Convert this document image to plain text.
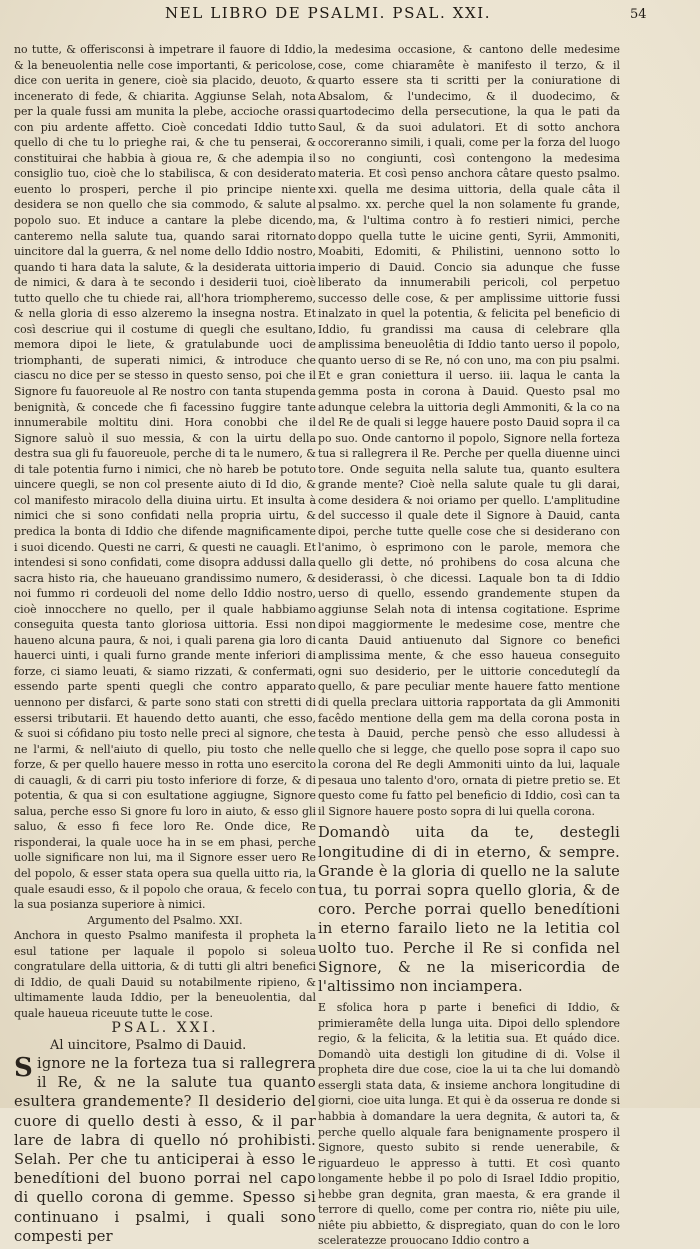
NEL LIBRO DE PSALMI. PSAL. XXI.	54

no tutte, & offerisconsi à impetrare il fauore di Iddio, & la beneuolentia nelle cose importanti, & pericolose, dice con uerita in genere, cioè sia placido, deuoto, & incenerato di fede, & chiarita. Aggiunse Selah, nota per la quale fussi am munita la plebe, accioche orassi con piu ardente affetto. Cioè concedati Iddio tutto quello di che tu lo prieghe rai, & che tu penserai, & constituirai che habbia à gioua re, & che adempia il consiglio tuo, cioè che lo stabilisca, & con desiderato euento lo prosperi, perche il pio principe niente desidera se non quello che sia commodo, & salute al popolo suo. Et induce a cantare la plebe dicendo, canteremo nella salute tua, quando sarai ritornato uincitore dal la guerra, & nel nome dello Iddio nostro, quando ti hara data la salute, & la desiderata uittoria de nimici, & dara à te secondo i desiderii tuoi, cioè tutto quello che tu chiede rai, all'hora triompheremo, & nella gloria di esso alzeremo la insegna nostra. Et così descriue qui il costume di quegli che esultano, memora dipoi le liete, & gratulabunde uoci de triomphanti, de superati nimici, & introduce che ciascu no dice per se stesso in questo senso, poi che il Signore fu fauoreuole al Re nostro con tanta stupenda benignità, & concede che fi facessino fuggire tante innumerabile moltitu dini. Hora conobbi che il Signore saluò il suo messia, & con la uirtu della destra sua gli fu fauoreuole, perche di ta le numero, & di tale potentia furno i nimici, che nò hareb be potuto uincere quegli, se non col presente aiuto di Id dio, & col manifesto miracolo della diuina uirtu. Et insulta à nimici che si sono confidati nella propria uirtu, & predica la bonta di Iddio che difende magnificamente i suoi dicendo. Questi ne carri, & questi ne cauagli. Et intendesi si sono confidati, come disopra addussi dalla sacra histo ria, che haueuano grandissimo numero, & noi fummo ri cordeuoli del nome dello Iddio nostro, cioè innocchere no quello, per il quale habbiamo conseguita questa tanto gloriosa uittoria. Essi non haueno alcuna paura, & noi, i quali parena gia loro di hauerci uinti, i quali furno grande mente inferiori di forze, ci siamo leuati, & siamo rizzati, & confermati, essendo parte spenti quegli che contro apparato uennono per disfarci, & parte sono stati con stretti di essersi tributarii. Et hauendo detto auanti, che esso, & suoi si cófidano piu tosto nelle preci al signore, che ne l'armi, & nell'aiuto di quello, piu tosto che nelle forze, & per quello hauere messo in rotta uno esercito di cauagli, & di carri piu tosto inferiore di forze, & di potentia, & qua si con esultatione aggiugne, Signore salua, perche esso Si gnore fu loro in aiuto, & esso gli saluo, & esso fi fece loro Re. Onde dice, Re risponderai, la quale uoce ha in se em phasi, perche uolle significare non lui, ma il Signore esser uero Re del popolo, & esser stata opera sua quella uitto ria, la quale esaudi esso, & il popolo che oraua, & fecelo con la sua posianza superiore à nimici.

Argumento del Psalmo. XXI.

Anchora in questo Psalmo manifesta il propheta la esul tatione per laquale il popolo si soleua congratulare della uittoria, & di tutti gli altri benefici di Iddio, de quali Dauid su notabilmente ripieno, & ultimamente lauda Iddio, per la beneuolentia, dal quale haueua riceuute tutte le cose.

PSAL. XXI.

Al uincitore, Psalmo di Dauid.

Signore ne la forteza tua si rallegrera il Re, & ne la salute tua quanto esultera grandemente? Il desiderio del cuore di quello desti à esso, & il par lare de labra di quello nó prohibisti. Selah. Per che tu anticiperai à esso le benedítioni del buono porrai nel capo di quello corona di gemme. Spesso si continuano i psalmi, i quali sono compesti per

la medesima occasione, & cantono delle medesime cose, come chiaramête è manifesto il terzo, & il quarto essere sta ti scritti per la coniuratione di Absalom, & l'undecimo, & il duodecimo, & quartodecimo della persecutione, la qua le pati da Saul, & da suoi adulatori. Et di sotto anchora occoreranno simili, i quali, come per la forza del luogo so no congiunti, così contengono la medesima materia. Et così penso anchora câtare questo psalmo. xxi. quella me desima uittoria, della quale câta il psalmo. xx. perche quel la non solamente fu grande, ma, & l'ultima contro à fo restieri nimici, perche doppo quella tutte le uicine genti, Syrii, Ammoniti, Moabiti, Edomiti, & Philistini, uennono sotto lo imperio di Dauid. Concio sia adunque che fusse liberato da innumerabili pericoli, col perpetuo successo delle cose, & per amplissime uittorie fussi inalzato in quel la potentia, & felicita pel beneficio di Iddio, fu grandissi ma causa di celebrare qlla amplissima beneuolêtia di Iddio tanto uerso il popolo, quanto uerso di se Re, nó con uno, ma con piu psalmi. Et e gran coniettura il uerso. iii. laqua le canta la gemma posta in corona à Dauid. Questo psal mo adunque celebra la uittoria degli Ammoniti, & la co na del Re de quali si legge hauere posto Dauid sopra il ca po suo. Onde cantorno il popolo, Signore nella forteza tua si rallegrera il Re. Perche per quella diuenne uinci tore. Onde seguita nella salute tua, quanto esultera grande mente? Cioè nella salute quale tu gli darai, come desidera & noi oriamo per quello. L'amplitudine del successo il quale dete il Signore à Dauid, canta dipoi, perche tutte quelle cose che si desiderano con l'animo, ò esprimono con le parole, memora che quello gli dette, nó prohibens do cosa alcuna che desiderassi, ò che dicessi. Laquale bon ta di Iddio uerso di quello, essendo grandemente stupen da aggiunse Selah nota di intensa cogitatione. Esprime dipoi maggiormente le medesime cose, mentre che canta Dauid antiuenuto dal Signore co benefici amplissima mente, & che esso haueua conseguito ogni suo desiderio, per le uittorie conceduteglí da quello, & pare peculiar mente hauere fatto mentione di quella preclara uittoria rapportata da gli Ammoniti facêdo mentione della gem ma della corona posta in testa à Dauid, perche pensò che esso alludessi à quello che si legge, che quello pose sopra il capo suo la corona del Re degli Ammoniti uinto da lui, laquale pesaua uno talento d'oro, ornata di pietre pretio se. Et questo come fu fatto pel beneficio di Iddio, così can ta il Signore hauere posto sopra di lui quella corona.

Domandò uita da te, destegli longitudine di di in eterno, & sempre. Grande è la gloria di quello ne la salute tua, tu porrai sopra quello gloria, & de coro. Perche porrai quello benedítioni in eterno farailo lieto ne la letitia col uolto tuo. Perche il Re si confida nel Signore, & ne la misericordia de l'altissimo non inciampera.

E sfolica hora p parte i benefici di Iddio, & primieramête della lunga uita. Dipoi dello splendore regio, & la felicita, & la letitia sua. Et quádo dice. Domandò uita destigli lon gitudine di di. Volse il propheta dire due cose, cioe la ui ta che lui domandò essergli stata data, & insieme anchora longitudine di giorni, cioe uita lunga. Et qui è da osserua re donde si habbia à domandare la uera degnita, & autori ta, & perche quello alquale fara benignamente prospero il Signore, questo subito si rende uenerabile, & riguardeuo le appresso à tutti. Et così quanto longamente hebbe il po polo di Israel Iddio propitio, hebbe gran degnita, gran maesta, & era grande il terrore di quello, come per contra rio, niête piu uile, niête piu abbietto, & dispregiato, quan do con le loro sceleratezze prouocano Iddio contro a
